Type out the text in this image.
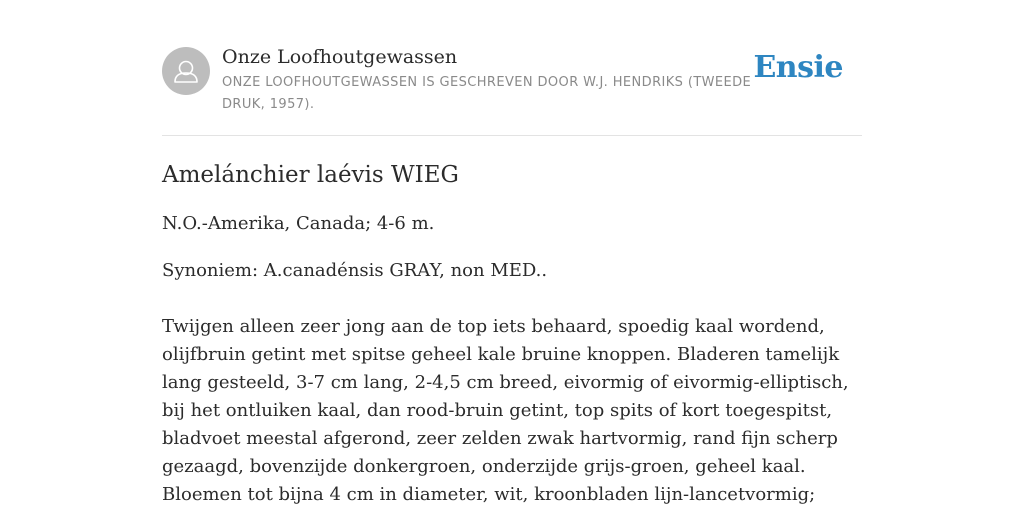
Onze Loofhoutgewassen
ONZE LOOFHOUTGEWASSEN IS GESCHREVEN DOOR W.J. HENDRIKS (TWEEDE DRUK, 1957).
Ensie
Amelánchier laévis WIEG

N.O.-Amerika, Canada; 4-6 m.

Synoniem: A.canadénsis GRAY, non MED..

Twijgen alleen zeer jong aan de top iets behaard, spoedig kaal wordend, olijfbruin getint met spitse geheel kale bruine knoppen. Bladeren tamelijk lang gesteeld, 3-7 cm lang, 2-4,5 cm breed, eivormig of eivormig-elliptisch, bij het ontluiken kaal, dan rood-bruin getint, top spits of kort toegespitst, bladvoet meestal afgerond, zeer zelden zwak hartvormig, rand fijn scherp gezaagd, bovenzijde donkergroen, onderzijde grijs-groen, geheel kaal. Bloemen tot bijna 4 cm in diameter, wit, kroonbladen lijn-lancetvormig;
